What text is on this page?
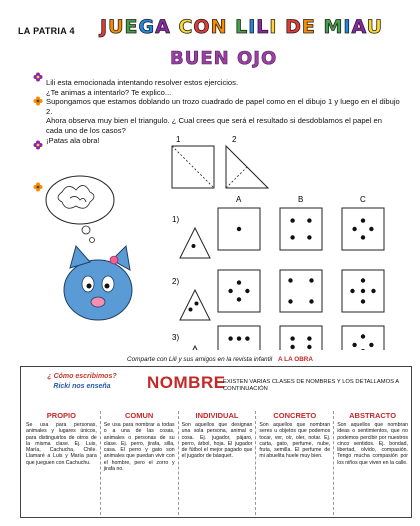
LA PATRIA 4 JUEGA CON LILI DE MIAU
BUEN OJO

Lili esta emocionada intentando resolver estos ejercicios.

¿Te animas a intentarlo? Te explico...

Supongamos que estamos doblando un trozo cuadrado de papel como en el dibujo 1 y luego en el dibujo 2.

Ahora observa muy bien el triangulo. ¿ Cual crees que será el resultado si desdoblamos el papel en cada uno de los casos?

¡Patas ala obra!	1	2
A	B	C
1)
2)
3)
Comparte con Lili y sus amigos en la revista infantil A LA OBRA
¿ Cómo escribimos?
Ricki nos enseña	NOMBRE
EXISTEN VARIAS CLASES DE NOMBRES Y LOS DETALLAMOS A CONTINUACIÓN
PROPIO

Se usa para personas, animales y lugares únicos, para distinguirlos de otros de la misma clase. Ej. Luis, María, Cachucha, Chile. Llamaré a Luis y María para que jueguen con Cachuchu.

COMUN

Se usa para nombrar a todas o a una de las cosas, animales o personas de su clase. Ej. perro, jirafa, silla, casa. El perro y gato son animales que puedan vivir con el hombre, pero el zorro y jirafa no.

INDIVIDUAL

Son aquellos que designan una sola persona, animal o cosa. Ej. jugador, pájaro, perro, árbol, hoja. El jugador de fútbol el mejor pagado que el jugador de básquet.

CONCRETO

Son aquellos que nombran seres u objetos que podemos tocar, ver, oír, oler, notar. Ej. carta, gato, perfume, nube, fruta, semilla. El perfume de mi abuelita huele muy bien.

ABSTRACTO

Son aquellos que nombran ideas o sentimientos, que no podemos percibir por nuestros cinco sentidos. Ej. bondad, libertad, olvido, compasión. Tengo mucha compasión por los niños que viven en la calle.
